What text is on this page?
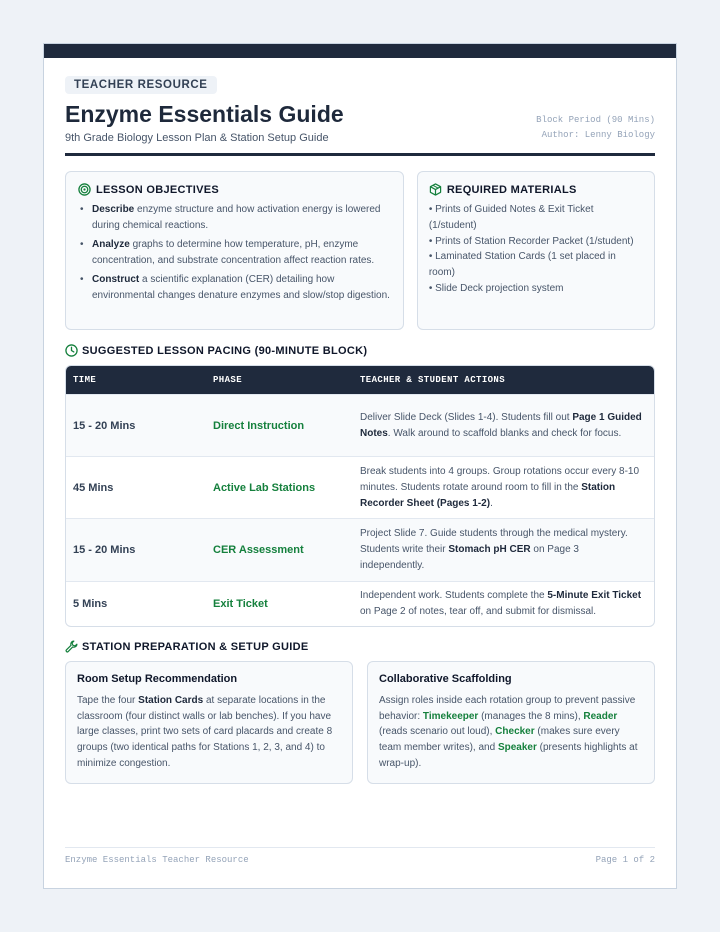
TEACHER RESOURCE
Enzyme Essentials Guide
9th Grade Biology Lesson Plan & Station Setup Guide
Block Period (90 Mins)
Author: Lenny Biology
LESSON OBJECTIVES
• Describe enzyme structure and how activation energy is lowered during chemical reactions.
• Analyze graphs to determine how temperature, pH, enzyme concentration, and substrate concentration affect reaction rates.
• Construct a scientific explanation (CER) detailing how environmental changes denature enzymes and slow/stop digestion.
REQUIRED MATERIALS
• Prints of Guided Notes & Exit Ticket (1/student)
• Prints of Station Recorder Packet (1/student)
• Laminated Station Cards (1 set placed in room)
• Slide Deck projection system
SUGGESTED LESSON PACING (90-MINUTE BLOCK)
TIME	PHASE	TEACHER & STUDENT ACTIONS
15 - 20 Mins	Direct Instruction
Deliver Slide Deck (Slides 1-4). Students fill out Page 1 Guided Notes. Walk around to scaffold blanks and check for focus.
45 Mins	Active Lab Stations
Break students into 4 groups. Group rotations occur every 8-10 minutes. Students rotate around room to fill in the Station Recorder Sheet (Pages 1-2).
15 - 20 Mins	CER Assessment
Project Slide 7. Guide students through the medical mystery. Students write their Stomach pH CER on Page 3 independently.
5 Mins	Exit Ticket
Independent work. Students complete the 5-Minute Exit Ticket on Page 2 of notes, tear off, and submit for dismissal.
STATION PREPARATION & SETUP GUIDE
Room Setup Recommendation
Tape the four Station Cards at separate locations in the classroom (four distinct walls or lab benches). If you have large classes, print two sets of card placards and create 8 groups (two identical paths for Stations 1, 2, 3, and 4) to minimize congestion.
Collaborative Scaffolding
Assign roles inside each rotation group to prevent passive behavior: Timekeeper (manages the 8 mins), Reader (reads scenario out loud), Checker (makes sure every team member writes), and Speaker (presents highlights at wrap-up).
Enzyme Essentials Teacher Resource	Page 1 of 2
